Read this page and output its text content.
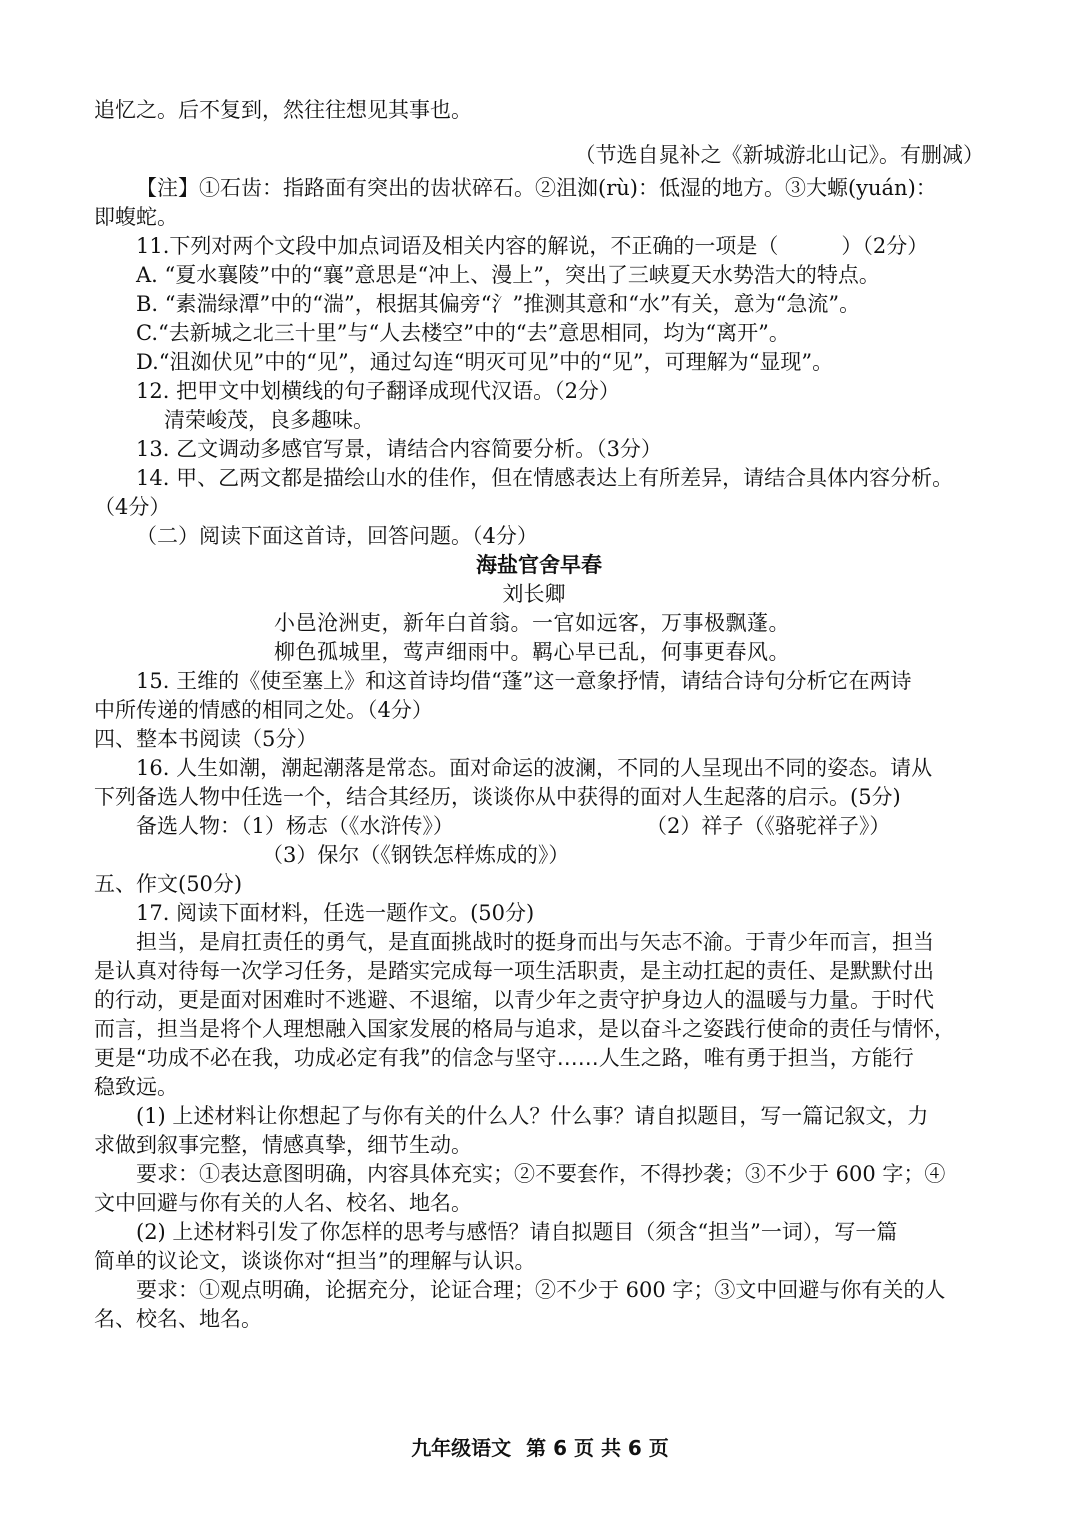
追忆之。后不复到，然往往想见其事也。
（节选自晁补之《新城游北山记》。有删减）
【注】①石齿：指路面有突出的齿状碎石。②沮洳(rù)：低湿的地方。③大螈(yuán)：
即蝮蛇。
11.下列对两个文段中加点词语及相关内容的解说，不正确的一项是（　　　）（2分）
A. “夏水襄陵”中的“襄”意思是“冲上、漫上”，突出了三峡夏天水势浩大的特点。
B. “素湍绿潭”中的“湍”，根据其偏旁“氵”推测其意和“水”有关，意为“急流”。
C.“去新城之北三十里”与“人去楼空”中的“去”意思相同，均为“离开”。
D.“沮洳伏见”中的“见”，通过勾连“明灭可见”中的“见”，可理解为“显现”。
12. 把甲文中划横线的句子翻译成现代汉语。（2分）
清荣峻茂，良多趣味。
13. 乙文调动多感官写景，请结合内容简要分析。（3分）
14. 甲、乙两文都是描绘山水的佳作，但在情感表达上有所差异，请结合具体内容分析。
（4分）
（二）阅读下面这首诗，回答问题。（4分）
海盐官舍早春
刘长卿
小邑沧洲吏，新年白首翁。一官如远客，万事极飘蓬。
柳色孤城里，莺声细雨中。羁心早已乱，何事更春风。
15. 王维的《使至塞上》和这首诗均借“蓬”这一意象抒情，请结合诗句分析它在两诗
中所传递的情感的相同之处。（4分）
四、整本书阅读（5分）
16. 人生如潮，潮起潮落是常态。面对命运的波澜，不同的人呈现出不同的姿态。请从
下列备选人物中任选一个，结合其经历，谈谈你从中获得的面对人生起落的启示。(5分)
备选人物：（1）杨志（《水浒传》）	（2）祥子（《骆驼祥子》）
（3）保尔（《钢铁怎样炼成的》）
五、作文(50分)
17. 阅读下面材料，任选一题作文。(50分)
担当，是肩扛责任的勇气，是直面挑战时的挺身而出与矢志不渝。于青少年而言，担当
是认真对待每一次学习任务，是踏实完成每一项生活职责，是主动扛起的责任、是默默付出
的行动，更是面对困难时不逃避、不退缩，以青少年之责守护身边人的温暖与力量。于时代
而言，担当是将个人理想融入国家发展的格局与追求，是以奋斗之姿践行使命的责任与情怀，
更是“功成不必在我，功成必定有我”的信念与坚守……人生之路，唯有勇于担当，方能行
稳致远。
(1) 上述材料让你想起了与你有关的什么人？什么事？请自拟题目，写一篇记叙文，力
求做到叙事完整，情感真挚，细节生动。
要求：①表达意图明确，内容具体充实；②不要套作，不得抄袭；③不少于 600 字；④
文中回避与你有关的人名、校名、地名。
(2) 上述材料引发了你怎样的思考与感悟？请自拟题目（须含“担当”一词），写一篇
简单的议论文，谈谈你对“担当”的理解与认识。
要求：①观点明确，论据充分，论证合理；②不少于 600 字；③文中回避与你有关的人
名、校名、地名。
九年级语文 第 6 页 共 6 页
